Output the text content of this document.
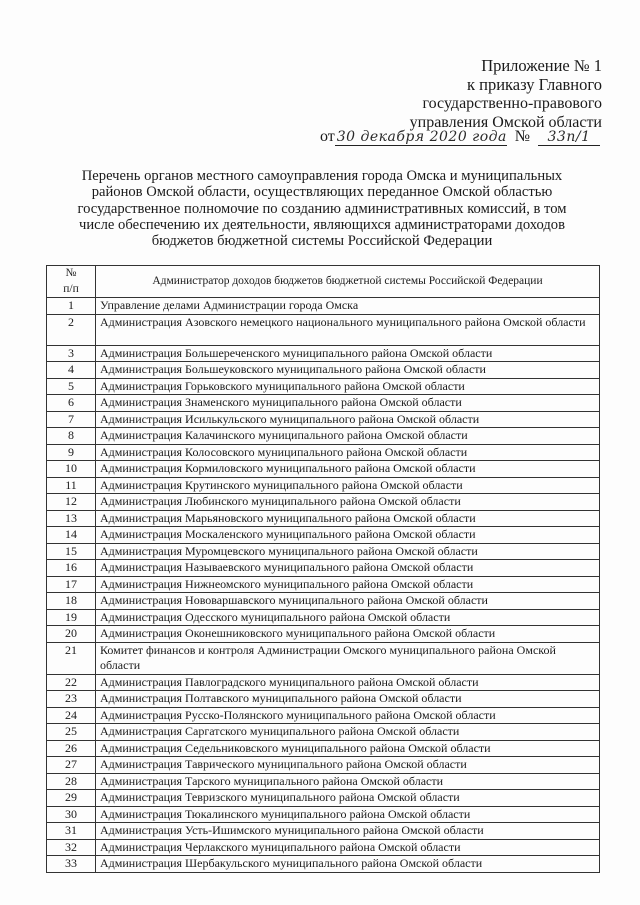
Приложение № 1
к приказу Главного
государственно-правового
управления Омской области
от 30 декабря 2020 года № 33п/1
Перечень органов местного самоуправления города Омска и муниципальных районов Омской области, осуществляющих переданное Омской областью государственное полномочие по созданию административных комиссий, в том числе обеспечению их деятельности, являющихся администраторами доходов бюджетов бюджетной системы Российской Федерации
№
п/п	Администратор доходов бюджетов бюджетной системы Российской Федерации
1	Управление делами Администрации города Омска
2	Администрация Азовского немецкого национального муниципального района Омской области
3	Администрация Большереченского муниципального района Омской области
4	Администрация Большеуковского муниципального района Омской области
5	Администрация Горьковского муниципального района Омской области
6	Администрация Знаменского муниципального района Омской области
7	Администрация Исилькульского муниципального района Омской области
8	Администрация Калачинского муниципального района Омской области
9	Администрация Колосовского муниципального района Омской области
10	Администрация Кормиловского муниципального района Омской области
11	Администрация Крутинского муниципального района Омской области
12	Администрация Любинского муниципального района Омской области
13	Администрация Марьяновского муниципального района Омской области
14	Администрация Москаленского муниципального района Омской области
15	Администрация Муромцевского муниципального района Омской области
16	Администрация Называевского муниципального района Омской области
17	Администрация Нижнеомского муниципального района Омской области
18	Администрация Нововаршавского муниципального района Омской области
19	Администрация Одесского муниципального района Омской области
20	Администрация Оконешниковского муниципального района Омской области
21	Комитет финансов и контроля Администрации Омского муниципального района Омской области
22	Администрация Павлоградского муниципального района Омской области
23	Администрация Полтавского муниципального района Омской области
24	Администрация Русско-Полянского муниципального района Омской области
25	Администрация Саргатского муниципального района Омской области
26	Администрация Седельниковского муниципального района Омской области
27	Администрация Таврического муниципального района Омской области
28	Администрация Тарского муниципального района Омской области
29	Администрация Тевризского муниципального района Омской области
30	Администрация Тюкалинского муниципального района Омской области
31	Администрация Усть-Ишимского муниципального района Омской области
32	Администрация Черлакского муниципального района Омской области
33	Администрация Шербакульского муниципального района Омской области
